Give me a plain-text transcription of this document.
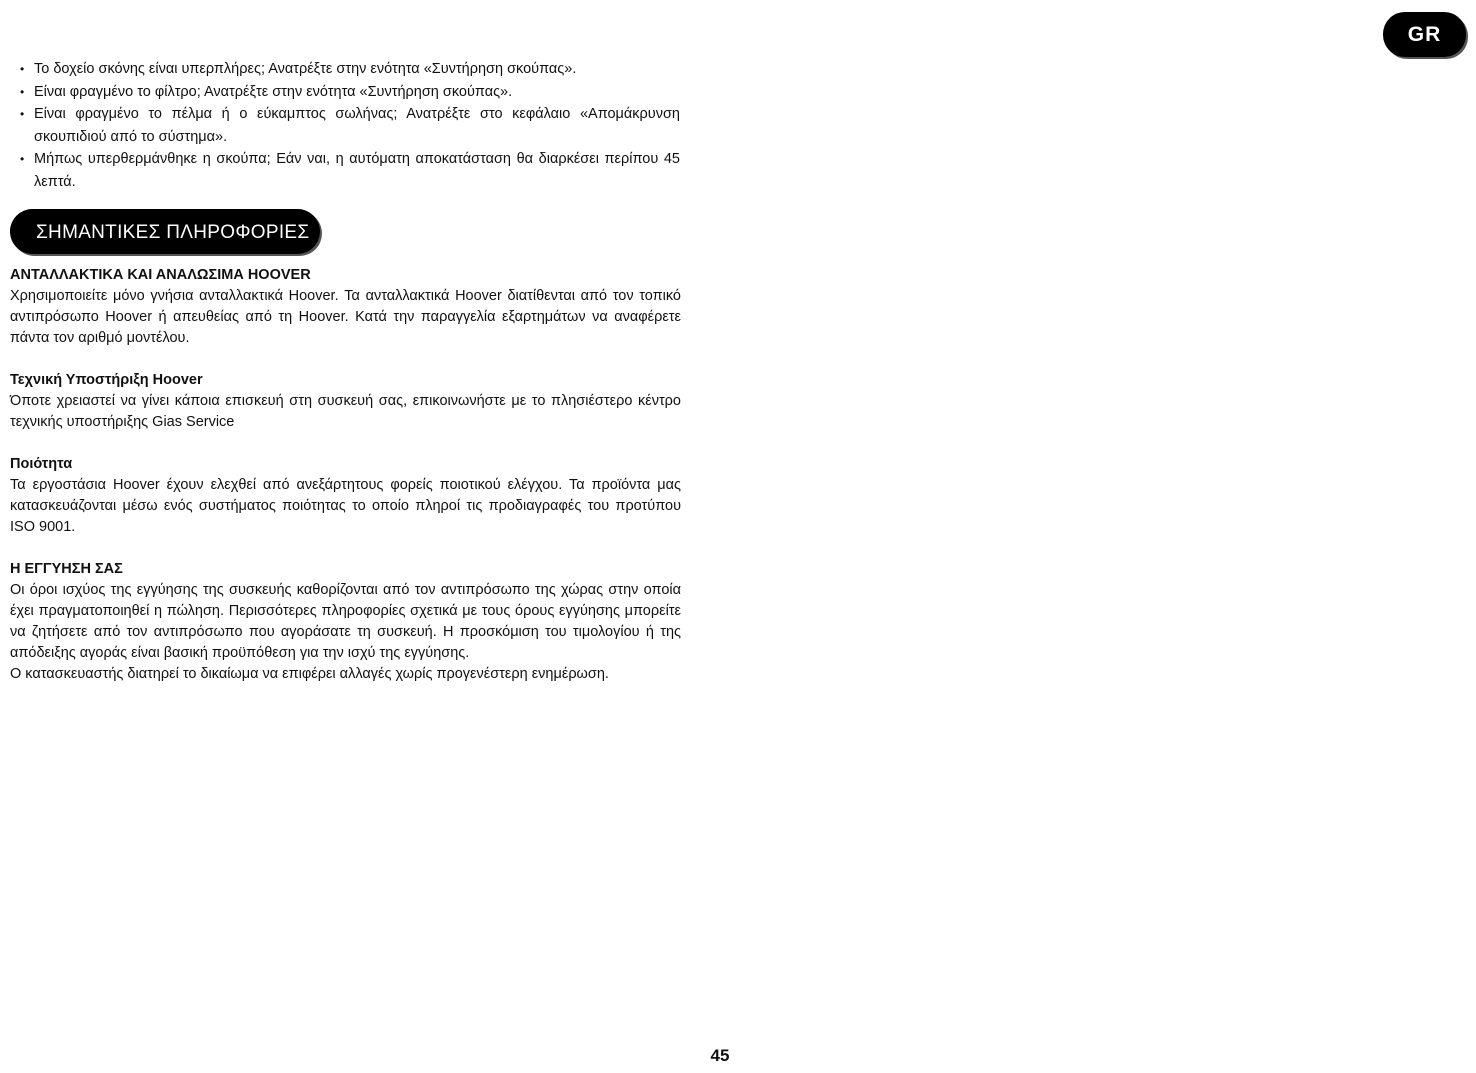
GR
• Το δοχείο σκόνης είναι υπερπλήρες; Ανατρέξτε στην ενότητα «Συντήρηση σκούπας».
• Είναι φραγμένο το φίλτρο; Ανατρέξτε στην ενότητα «Συντήρηση σκούπας».
• Είναι φραγμένο το πέλμα ή ο εύκαμπτος σωλήνας; Ανατρέξτε στο κεφάλαιο «Απομάκρυνση σκουπιδιού από το σύστημα».
• Μήπως υπερθερμάνθηκε η σκούπα; Εάν ναι, η αυτόματη αποκατάσταση θα διαρκέσει περίπου 45 λεπτά.
ΣΗΜΑΝΤΙΚΕΣ ΠΛΗΡΟΦΟΡΙΕΣ
ΑΝΤΑΛΛΑΚΤΙΚΑ ΚΑΙ ΑΝΑΛΩΣΙΜΑ HOOVER

Χρησιμοποιείτε μόνο γνήσια ανταλλακτικά Hoover. Τα ανταλλακτικά Hoover διατίθενται από τον τοπικό αντιπρόσωπο Hoover ή απευθείας από τη Hoover. Κατά την παραγγελία εξαρτημάτων να αναφέρετε πάντα τον αριθμό μοντέλου.

Τεχνική Υποστήριξη Hoover

Όποτε χρειαστεί να γίνει κάποια επισκευή στη συσκευή σας, επικοινωνήστε με το πλησιέστερο κέντρο τεχνικής υποστήριξης Gias Service

Ποιότητα

Τα εργοστάσια Hoover έχουν ελεχθεί από ανεξάρτητους φορείς ποιοτικού ελέγχου. Τα προϊόντα μας κατασκευάζονται μέσω ενός συστήματος ποιότητας το οποίο πληροί τις προδιαγραφές του προτύπου ISO 9001.

Η ΕΓΓΥΗΣΗ ΣΑΣ

Οι όροι ισχύος της εγγύησης της συσκευής καθορίζονται από τον αντιπρόσωπο της χώρας στην οποία έχει πραγματοποιηθεί η πώληση. Περισσότερες πληροφορίες σχετικά με τους όρους εγγύησης μπορείτε να ζητήσετε από τον αντιπρόσωπο που αγοράσατε τη συσκευή. Η προσκόμιση του τιμολογίου ή της απόδειξης αγοράς είναι βασική προϋπόθεση για την ισχύ της εγγύησης.

Ο κατασκευαστής διατηρεί το δικαίωμα να επιφέρει αλλαγές χωρίς προγενέστερη ενημέρωση.

45
